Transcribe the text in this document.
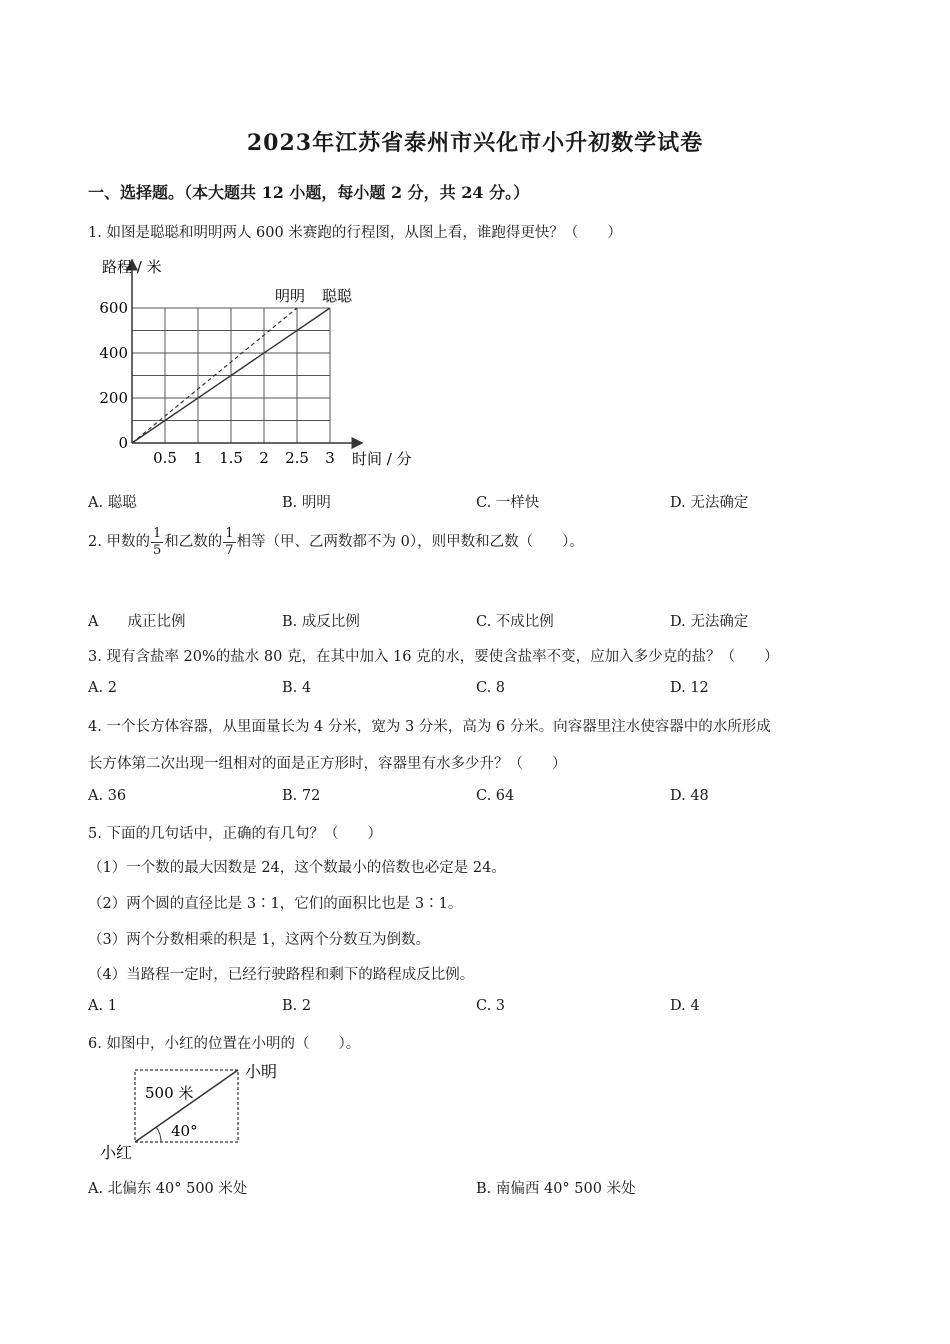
2023年江苏省泰州市兴化市小升初数学试卷
一、选择题。（本大题共 12 小题，每小题 2 分，共 24 分。）
1. 如图是聪聪和明明两人 600 米赛跑的行程图，从图上看，谁跑得更快？（　　）
路程 / 米
时间 / 分
0.5 1 1.5 2 2.5 3
0
200
400
600
明明 聪聪
A. 聪聪	B. 明明	C. 一样快	D. 无法确定
2. 甲数的 $\frac{1}{5}$ 和乙数的 $\frac{1}{7}$ 相等（甲、乙两数都不为 0），则甲数和乙数（　　）。
A　　成正比例	B. 成反比例	C. 不成比例	D. 无法确定
3. 现有含盐率 20%的盐水 80 克，在其中加入 16 克的水，要使含盐率不变，应加入多少克的盐？（　　）
A. 2	B. 4	C. 8	D. 12
4. 一个长方体容器，从里面量长为 4 分米，宽为 3 分米，高为 6 分米。向容器里注水使容器中的水所形成
长方体第二次出现一组相对的面是正方形时，容器里有水多少升？（　　）
A. 36	B. 72	C. 64	D. 48
5. 下面的几句话中，正确的有几句？（　　）
（1）一个数的最大因数是 24，这个数最小的倍数也必定是 24。
（2）两个圆的直径比是 3∶1，它们的面积比也是 3∶1。
（3）两个分数相乘的积是 1，这两个分数互为倒数。
（4）当路程一定时，已经行驶路程和剩下的路程成反比例。
A. 1	B. 2	C. 3	D. 4
6. 如图中，小红的位置在小明的（　　）。
500 米
40°
小明
小红
A. 北偏东 40° 500 米处	B. 南偏西 40° 500 米处
